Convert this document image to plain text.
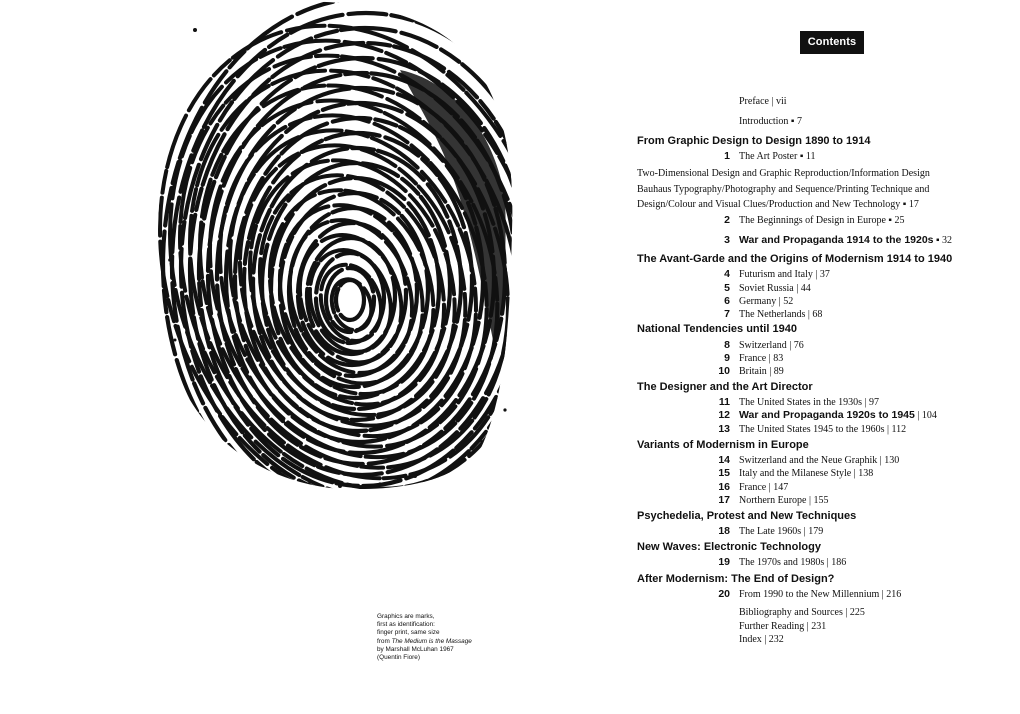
Graphics are marks,

first as identification:

finger print, same size

from The Medium is the Massage

by Marshall McLuhan 1967

(Quentin Fiore)

Contents
Preface | vii
Introduction ▪ 7
From Graphic Design to Design 1890 to 1914
1 The Art Poster ▪ 11
Two-Dimensional Design and Graphic Reproduction/Information Design
Bauhaus Typography/Photography and Sequence/Printing Technique and
Design/Colour and Visual Clues/Production and New Technology ▪ 17
2 The Beginnings of Design in Europe ▪ 25
3 War and Propaganda 1914 to the 1920s ▪ 32
The Avant-Garde and the Origins of Modernism 1914 to 1940
4 Futurism and Italy | 37
5 Soviet Russia | 44
6 Germany | 52
7 The Netherlands | 68
National Tendencies until 1940
8 Switzerland | 76
9 France | 83
10 Britain | 89
The Designer and the Art Director
11 The United States in the 1930s | 97
12 War and Propaganda 1920s to 1945 | 104
13 The United States 1945 to the 1960s | 112
Variants of Modernism in Europe
14 Switzerland and the Neue Graphik | 130
15 Italy and the Milanese Style | 138
16 France | 147
17 Northern Europe | 155
Psychedelia, Protest and New Techniques
18 The Late 1960s | 179
New Waves: Electronic Technology
19 The 1970s and 1980s | 186
After Modernism: The End of Design?
20 From 1990 to the New Millennium | 216
Bibliography and Sources | 225
Further Reading | 231
Index | 232
